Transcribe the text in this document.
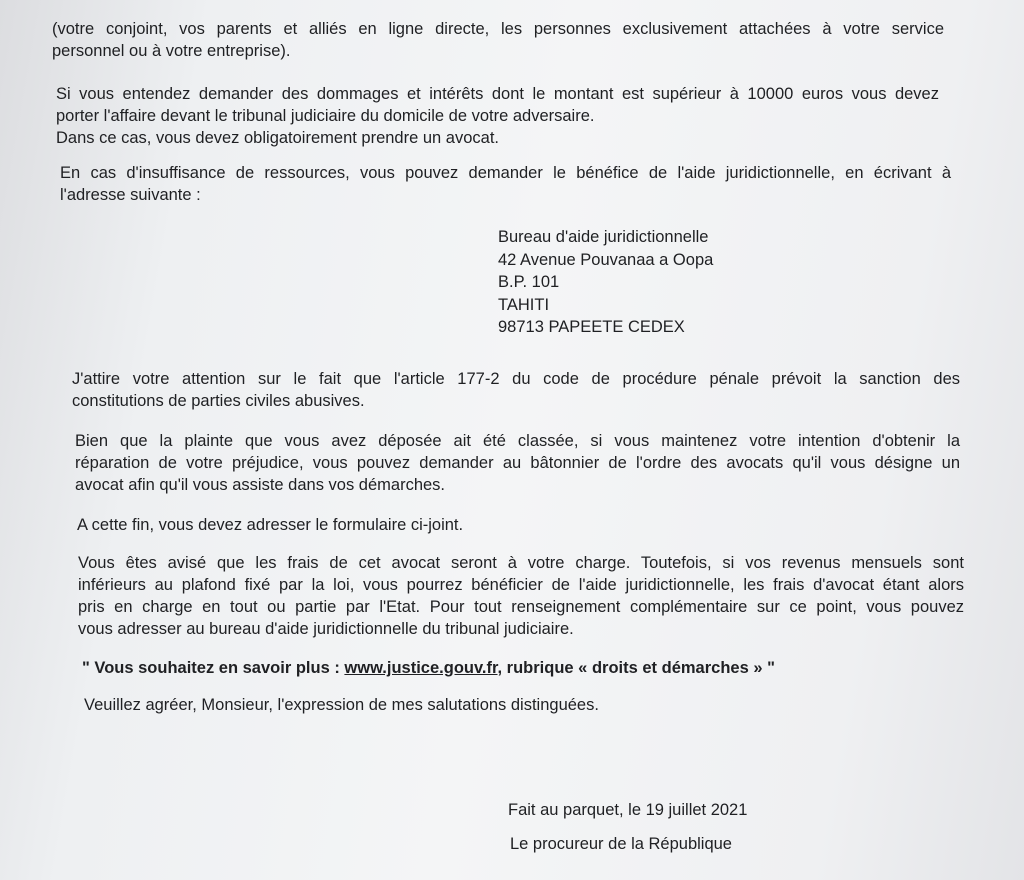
(votre conjoint, vos parents et alliés en ligne directe, les personnes exclusivement attachées à votre service
personnel ou à votre entreprise).
Si vous entendez demander des dommages et intérêts dont le montant est supérieur à 10000 euros vous devez
porter l'affaire devant le tribunal judiciaire du domicile de votre adversaire.
Dans ce cas, vous devez obligatoirement prendre un avocat.
En cas d'insuffisance de ressources, vous pouvez demander le bénéfice de l'aide juridictionnelle, en écrivant à
l'adresse suivante :
Bureau d'aide juridictionnelle
42 Avenue Pouvanaa a Oopa
B.P. 101
TAHITI
98713 PAPEETE CEDEX
J'attire votre attention sur le fait que l'article 177-2 du code de procédure pénale prévoit la sanction des
constitutions de parties civiles abusives.
Bien que la plainte que vous avez déposée ait été classée, si vous maintenez votre intention d'obtenir la
réparation de votre préjudice, vous pouvez demander au bâtonnier de l'ordre des avocats qu'il vous désigne un
avocat afin qu'il vous assiste dans vos démarches.
A cette fin, vous devez adresser le formulaire ci-joint.
Vous êtes avisé que les frais de cet avocat seront à votre charge. Toutefois, si vos revenus mensuels sont
inférieurs au plafond fixé par la loi, vous pourrez bénéficier de l'aide juridictionnelle, les frais d'avocat étant alors
pris en charge en tout ou partie par l'Etat. Pour tout renseignement complémentaire sur ce point, vous pouvez
vous adresser au bureau d'aide juridictionnelle du tribunal judiciaire.
" Vous souhaitez en savoir plus : www.justice.gouv.fr, rubrique « droits et démarches » "
Veuillez agréer, Monsieur, l'expression de mes salutations distinguées.
Fait au parquet, le 19 juillet 2021
Le procureur de la République
